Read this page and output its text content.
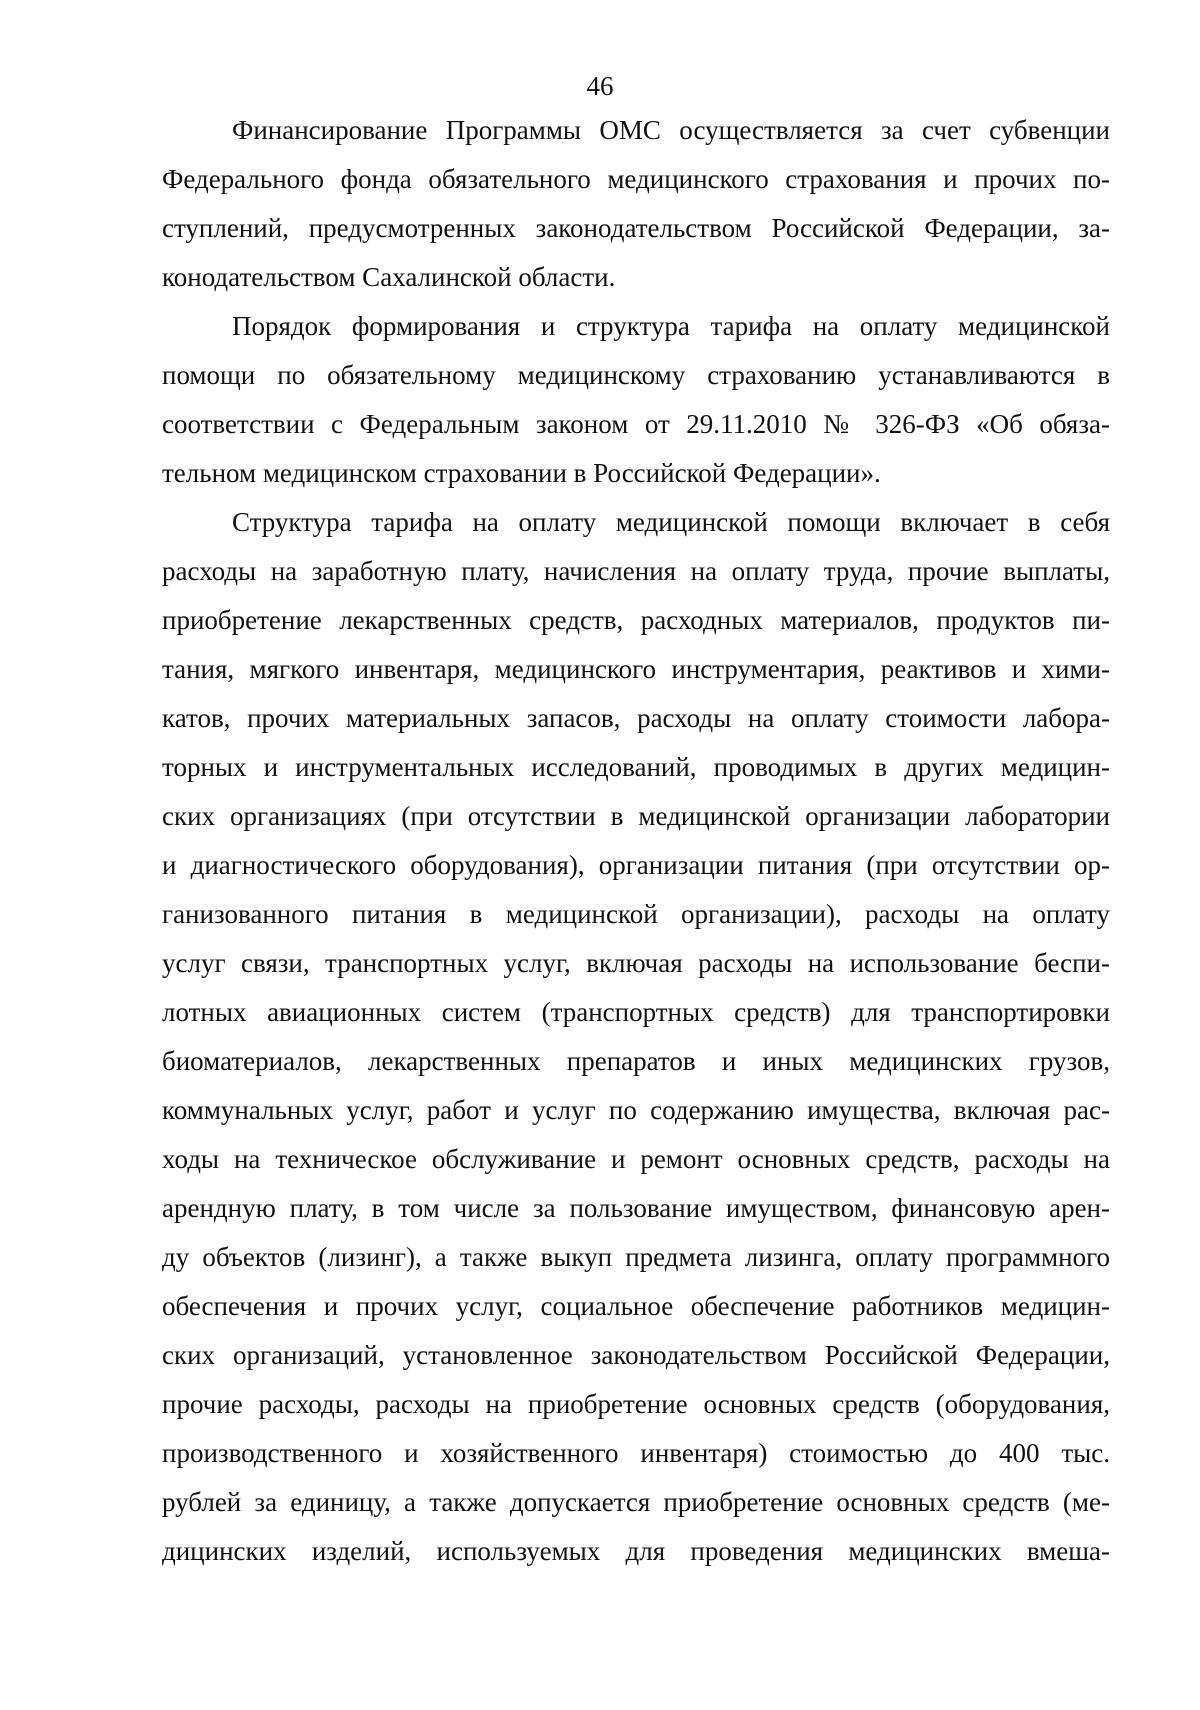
46
Финансирование Программы ОМС осуществляется за счет субвенции
Федерального фонда обязательного медицинского страхования и прочих по-
ступлений, предусмотренных законодательством Российской Федерации, за-
конодательством Сахалинской области.
Порядок формирования и структура тарифа на оплату медицинской
помощи по обязательному медицинскому страхованию устанавливаются в
соответствии с Федеральным законом от 29.11.2010 № 326-ФЗ «Об обяза-
тельном медицинском страховании в Российской Федерации».
Структура тарифа на оплату медицинской помощи включает в себя
расходы на заработную плату, начисления на оплату труда, прочие выплаты,
приобретение лекарственных средств, расходных материалов, продуктов пи-
тания, мягкого инвентаря, медицинского инструментария, реактивов и хими-
катов, прочих материальных запасов, расходы на оплату стоимости лабора-
торных и инструментальных исследований, проводимых в других медицин-
ских организациях (при отсутствии в медицинской организации лаборатории
и диагностического оборудования), организации питания (при отсутствии ор-
ганизованного питания в медицинской организации), расходы на оплату
услуг связи, транспортных услуг, включая расходы на использование беспи-
лотных авиационных систем (транспортных средств) для транспортировки
биоматериалов, лекарственных препаратов и иных медицинских грузов,
коммунальных услуг, работ и услуг по содержанию имущества, включая рас-
ходы на техническое обслуживание и ремонт основных средств, расходы на
арендную плату, в том числе за пользование имуществом, финансовую арен-
ду объектов (лизинг), а также выкуп предмета лизинга, оплату программного
обеспечения и прочих услуг, социальное обеспечение работников медицин-
ских организаций, установленное законодательством Российской Федерации,
прочие расходы, расходы на приобретение основных средств (оборудования,
производственного и хозяйственного инвентаря) стоимостью до 400 тыс.
рублей за единицу, а также допускается приобретение основных средств (ме-
дицинских изделий, используемых для проведения медицинских вмеша-
